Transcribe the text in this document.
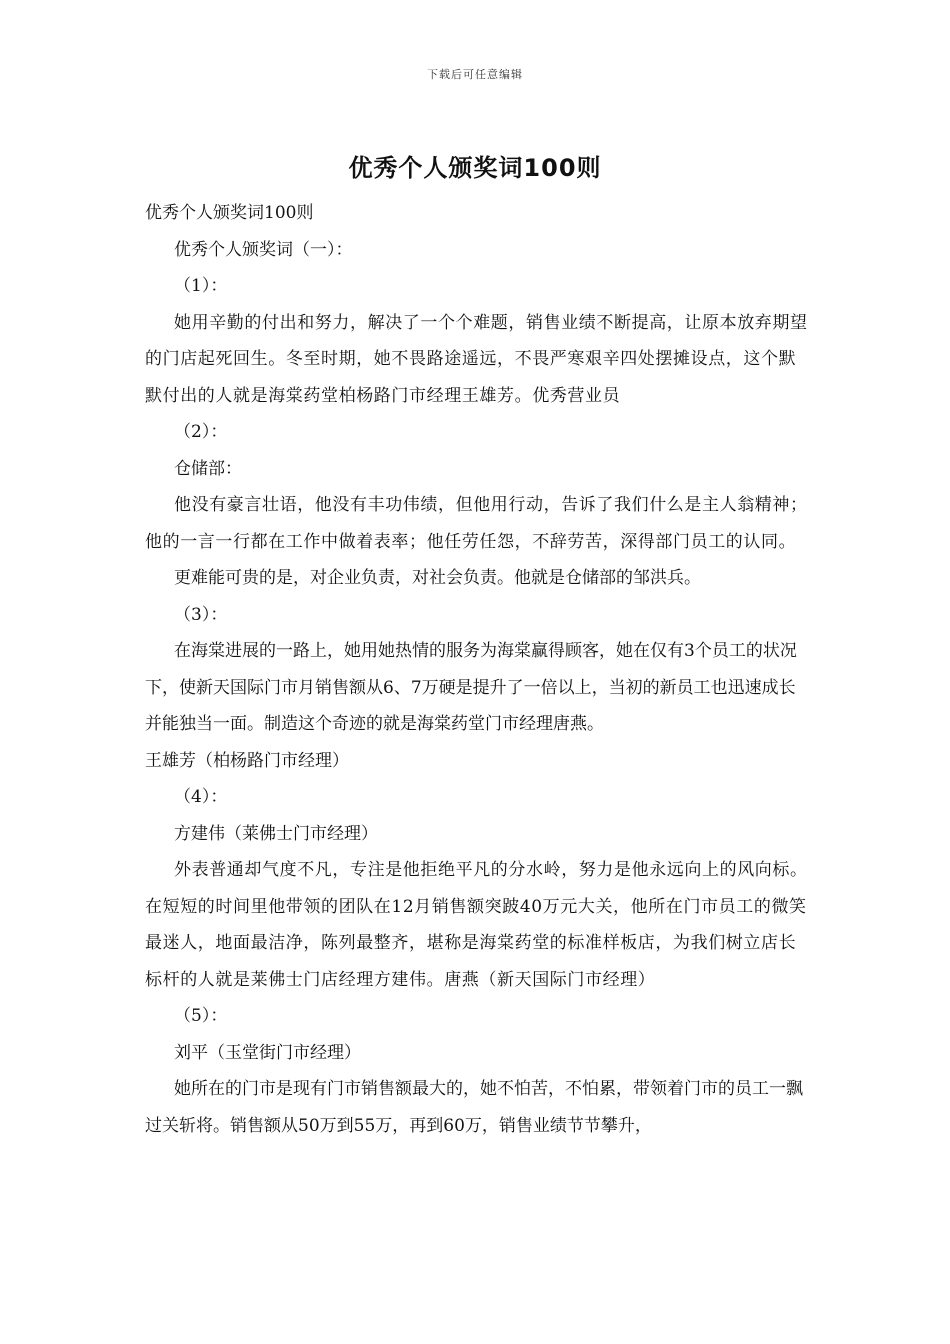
下载后可任意编辑
优秀个人颁奖词100则

优秀个人颁奖词100则

优秀个人颁奖词（一）：

（1）：

她用辛勤的付出和努力，解决了一个个难题，销售业绩不断提高，让原本放弃期望的门店起死回生。冬至时期，她不畏路途遥远，不畏严寒艰辛四处摆摊设点，这个默默付出的人就是海棠药堂柏杨路门市经理王雄芳。优秀营业员

（2）：

仓储部：

他没有豪言壮语，他没有丰功伟绩，但他用行动，告诉了我们什么是主人翁精神；他的一言一行都在工作中做着表率；他任劳任怨，不辞劳苦，深得部门员工的认同。

更难能可贵的是，对企业负责，对社会负责。他就是仓储部的邹洪兵。

（3）：

在海棠进展的一路上，她用她热情的服务为海棠赢得顾客，她在仅有3个员工的状况下，使新天国际门市月销售额从6、7万硬是提升了一倍以上，当初的新员工也迅速成长并能独当一面。制造这个奇迹的就是海棠药堂门市经理唐燕。

王雄芳（柏杨路门市经理）

（4）：

方建伟（莱佛士门市经理）

外表普通却气度不凡，专注是他拒绝平凡的分水岭，努力是他永远向上的风向标。在短短的时间里他带领的团队在12月销售额突跛40万元大关，他所在门市员工的微笑最迷人，地面最洁净，陈列最整齐，堪称是海棠药堂的标准样板店，为我们树立店长标杆的人就是莱佛士门店经理方建伟。唐燕（新天国际门市经理）

（5）：

刘平（玉堂街门市经理）

她所在的门市是现有门市销售额最大的，她不怕苦，不怕累，带领着门市的员工一飘过关斩将。销售额从50万到55万，再到60万，销售业绩节节攀升，
